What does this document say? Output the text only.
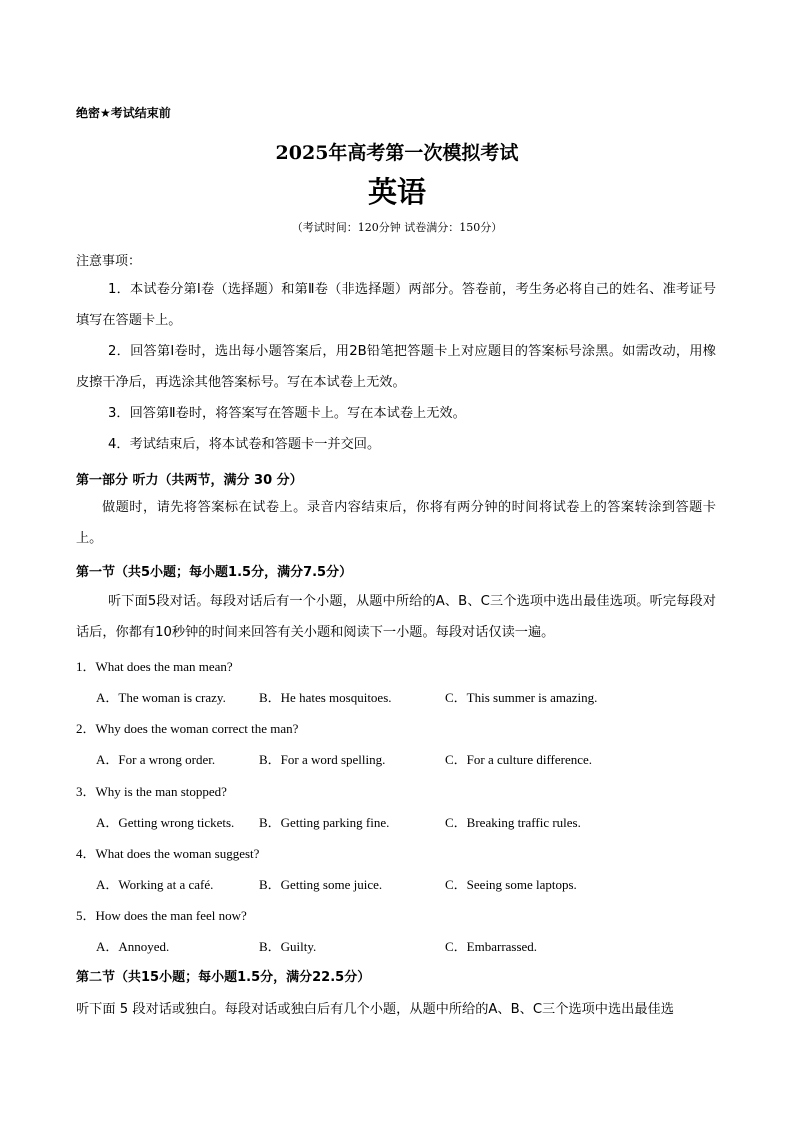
绝密★考试结束前
2025年高考第一次模拟考试
英语
（考试时间：120分钟 试卷满分：150分）
注意事项：
1．本试卷分第Ⅰ卷（选择题）和第Ⅱ卷（非选择题）两部分。答卷前，考生务必将自己的姓名、准考证号填写在答题卡上。
2．回答第Ⅰ卷时，选出每小题答案后，用2B铅笔把答题卡上对应题目的答案标号涂黑。如需改动，用橡皮擦干净后，再选涂其他答案标号。写在本试卷上无效。
3．回答第Ⅱ卷时，将答案写在答题卡上。写在本试卷上无效。
4．考试结束后，将本试卷和答题卡一并交回。
第一部分 听力（共两节，满分 30 分）
做题时，请先将答案标在试卷上。录音内容结束后，你将有两分钟的时间将试卷上的答案转涂到答题卡上。
第一节（共5小题；每小题1.5分，满分7.5分）
听下面5段对话。每段对话后有一个小题，从题中所给的A、B、C三个选项中选出最佳选项。听完每段对话后，你都有10秒钟的时间来回答有关小题和阅读下一小题。每段对话仅读一遍。
1．What does the man mean?
A．The woman is crazy.	B．He hates mosquitoes.	C．This summer is amazing.
2．Why does the woman correct the man?
A．For a wrong order.	B．For a word spelling.	C．For a culture difference.
3．Why is the man stopped?
A．Getting wrong tickets. B．Getting parking fine.	C．Breaking traffic rules.
4．What does the woman suggest?
A．Working at a café.	B．Getting some juice.	C．Seeing some laptops.
5．How does the man feel now?
A．Annoyed.	B．Guilty.	C．Embarrassed.
第二节（共15小题；每小题1.5分，满分22.5分）
听下面 5 段对话或独白。每段对话或独白后有几个小题，从题中所给的A、B、C三个选项中选出最佳选
